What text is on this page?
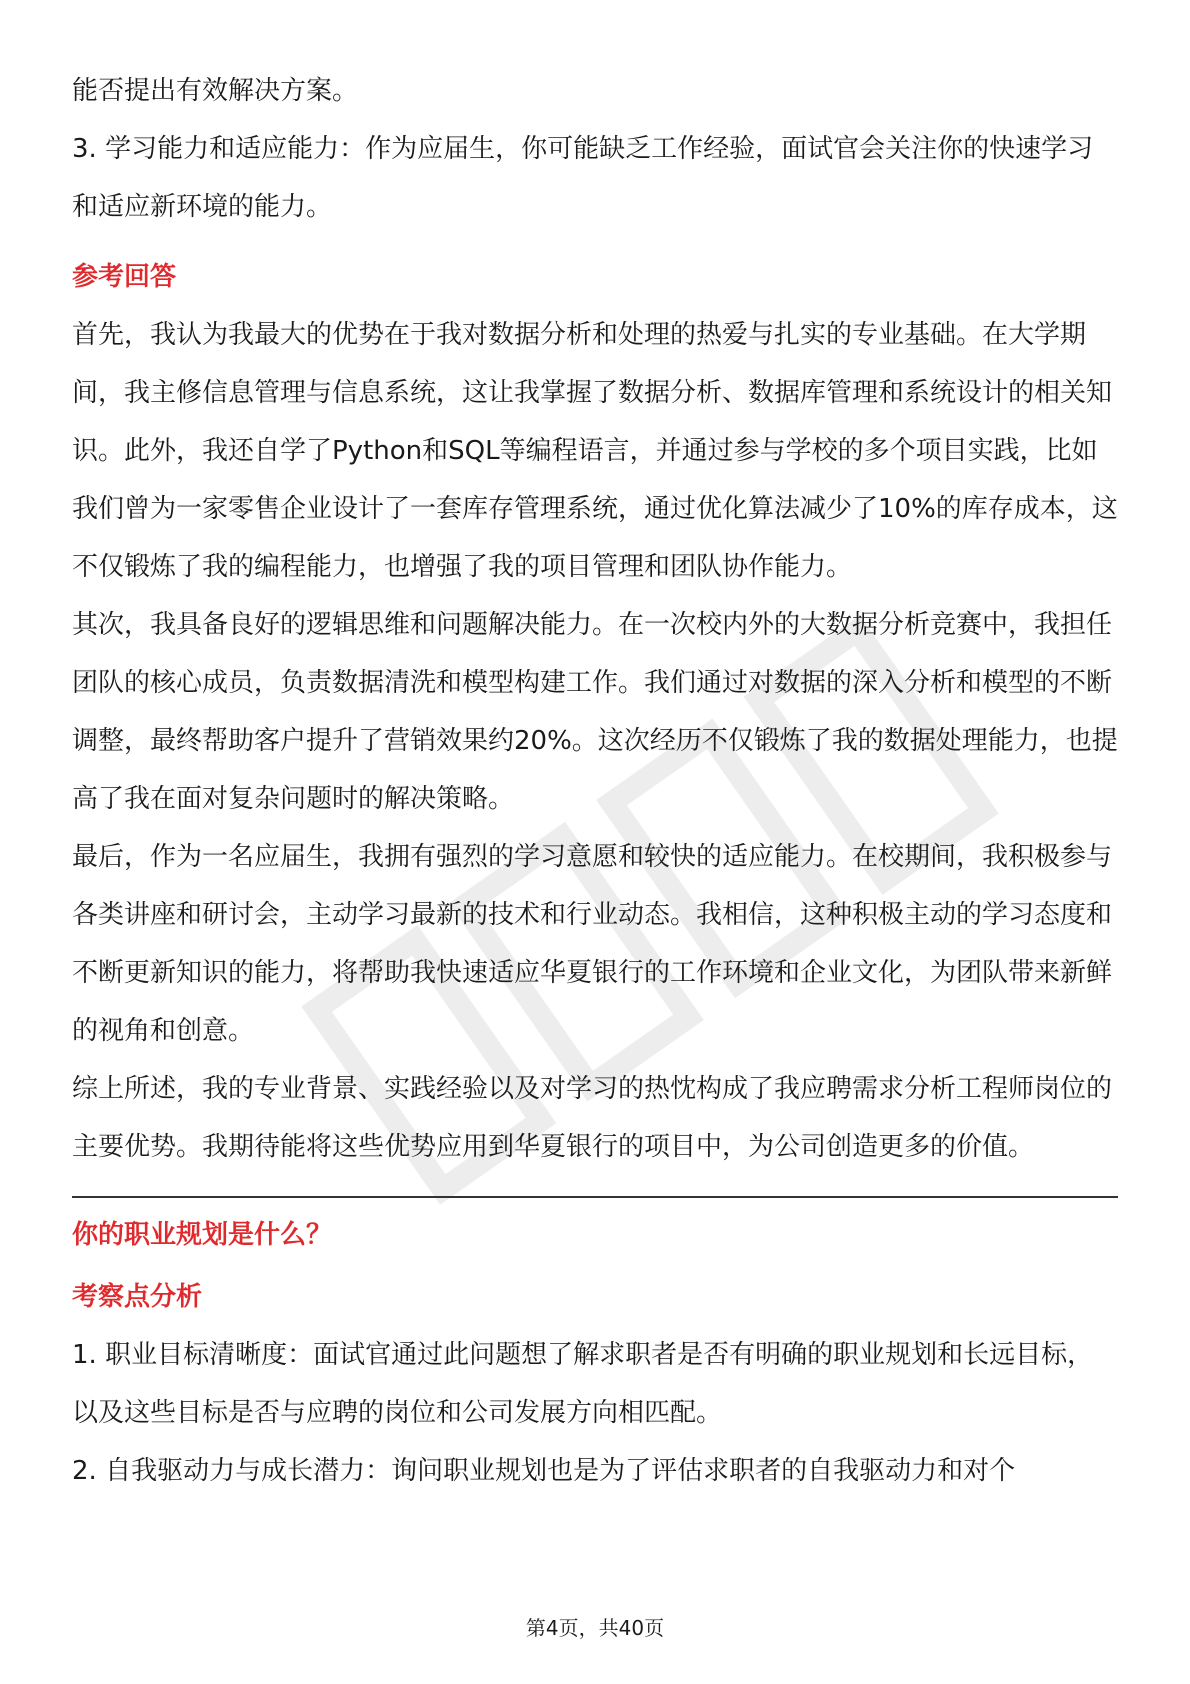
能否提出有效解决方案。

3. 学习能力和适应能力：作为应届生，你可能缺乏工作经验，面试官会关注你的快速学习和适应新环境的能力。

参考回答

首先，我认为我最大的优势在于我对数据分析和处理的热爱与扎实的专业基础。在大学期间，我主修信息管理与信息系统，这让我掌握了数据分析、数据库管理和系统设计的相关知识。此外，我还自学了Python和SQL等编程语言，并通过参与学校的多个项目实践，比如我们曾为一家零售企业设计了一套库存管理系统，通过优化算法减少了10%的库存成本，这不仅锻炼了我的编程能力，也增强了我的项目管理和团队协作能力。

其次，我具备良好的逻辑思维和问题解决能力。在一次校内外的大数据分析竞赛中，我担任团队的核心成员，负责数据清洗和模型构建工作。我们通过对数据的深入分析和模型的不断调整，最终帮助客户提升了营销效果约20%。这次经历不仅锻炼了我的数据处理能力，也提高了我在面对复杂问题时的解决策略。

最后，作为一名应届生，我拥有强烈的学习意愿和较快的适应能力。在校期间，我积极参与各类讲座和研讨会，主动学习最新的技术和行业动态。我相信，这种积极主动的学习态度和不断更新知识的能力，将帮助我快速适应华夏银行的工作环境和企业文化，为团队带来新鲜的视角和创意。

综上所述，我的专业背景、实践经验以及对学习的热忱构成了我应聘需求分析工程师岗位的主要优势。我期待能将这些优势应用到华夏银行的项目中，为公司创造更多的价值。

你的职业规划是什么？

考察点分析

1. 职业目标清晰度：面试官通过此问题想了解求职者是否有明确的职业规划和长远目标，以及这些目标是否与应聘的岗位和公司发展方向相匹配。

2. 自我驱动力与成长潜力：询问职业规划也是为了评估求职者的自我驱动力和对个

第4页，共40页
